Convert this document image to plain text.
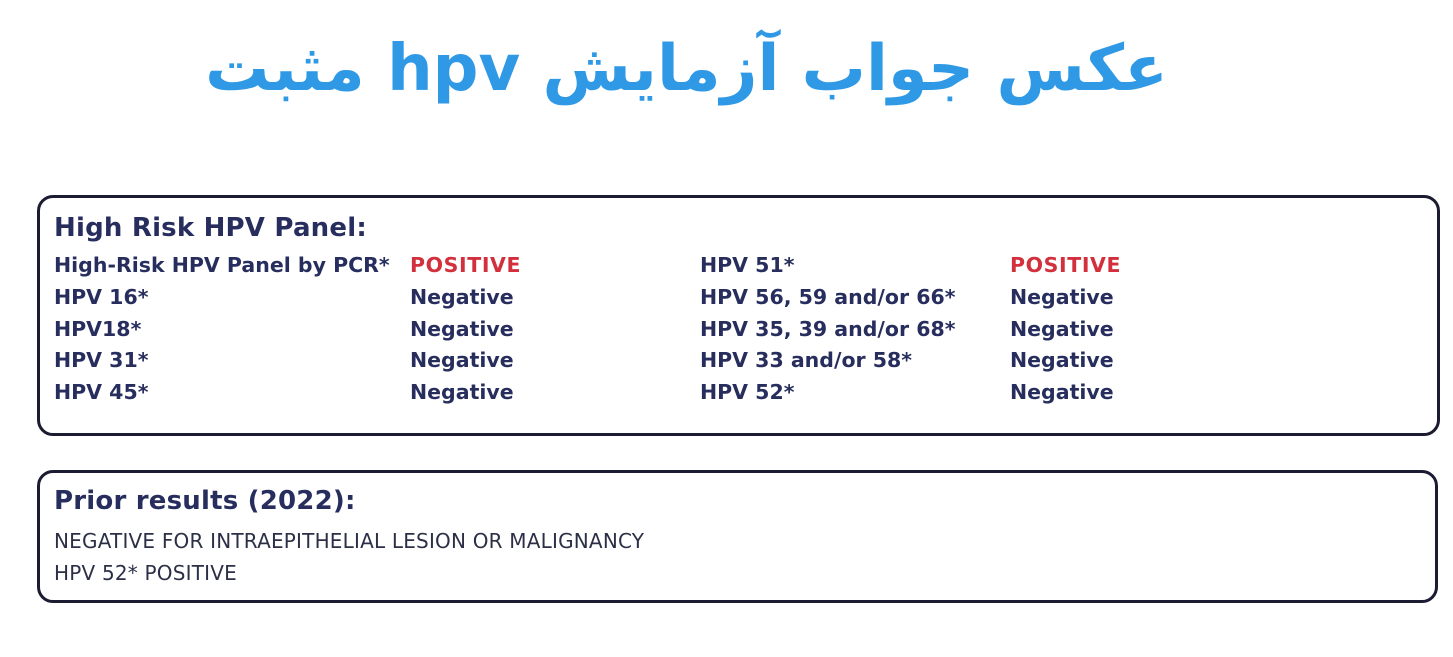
عکس جواب آزمایش hpv مثبت
High Risk HPV Panel:
High-Risk HPV Panel by PCR* POSITIVE	HPV 51*	POSITIVE
HPV 16*	Negative	HPV 56, 59 and/or 66*	Negative
HPV18*	Negative	HPV 35, 39 and/or 68*	Negative
HPV 31*	Negative	HPV 33 and/or 58*	Negative
HPV 45*	Negative	HPV 52*	Negative
Prior results (2022):
NEGATIVE FOR INTRAEPITHELIAL LESION OR MALIGNANCY
HPV 52* POSITIVE
